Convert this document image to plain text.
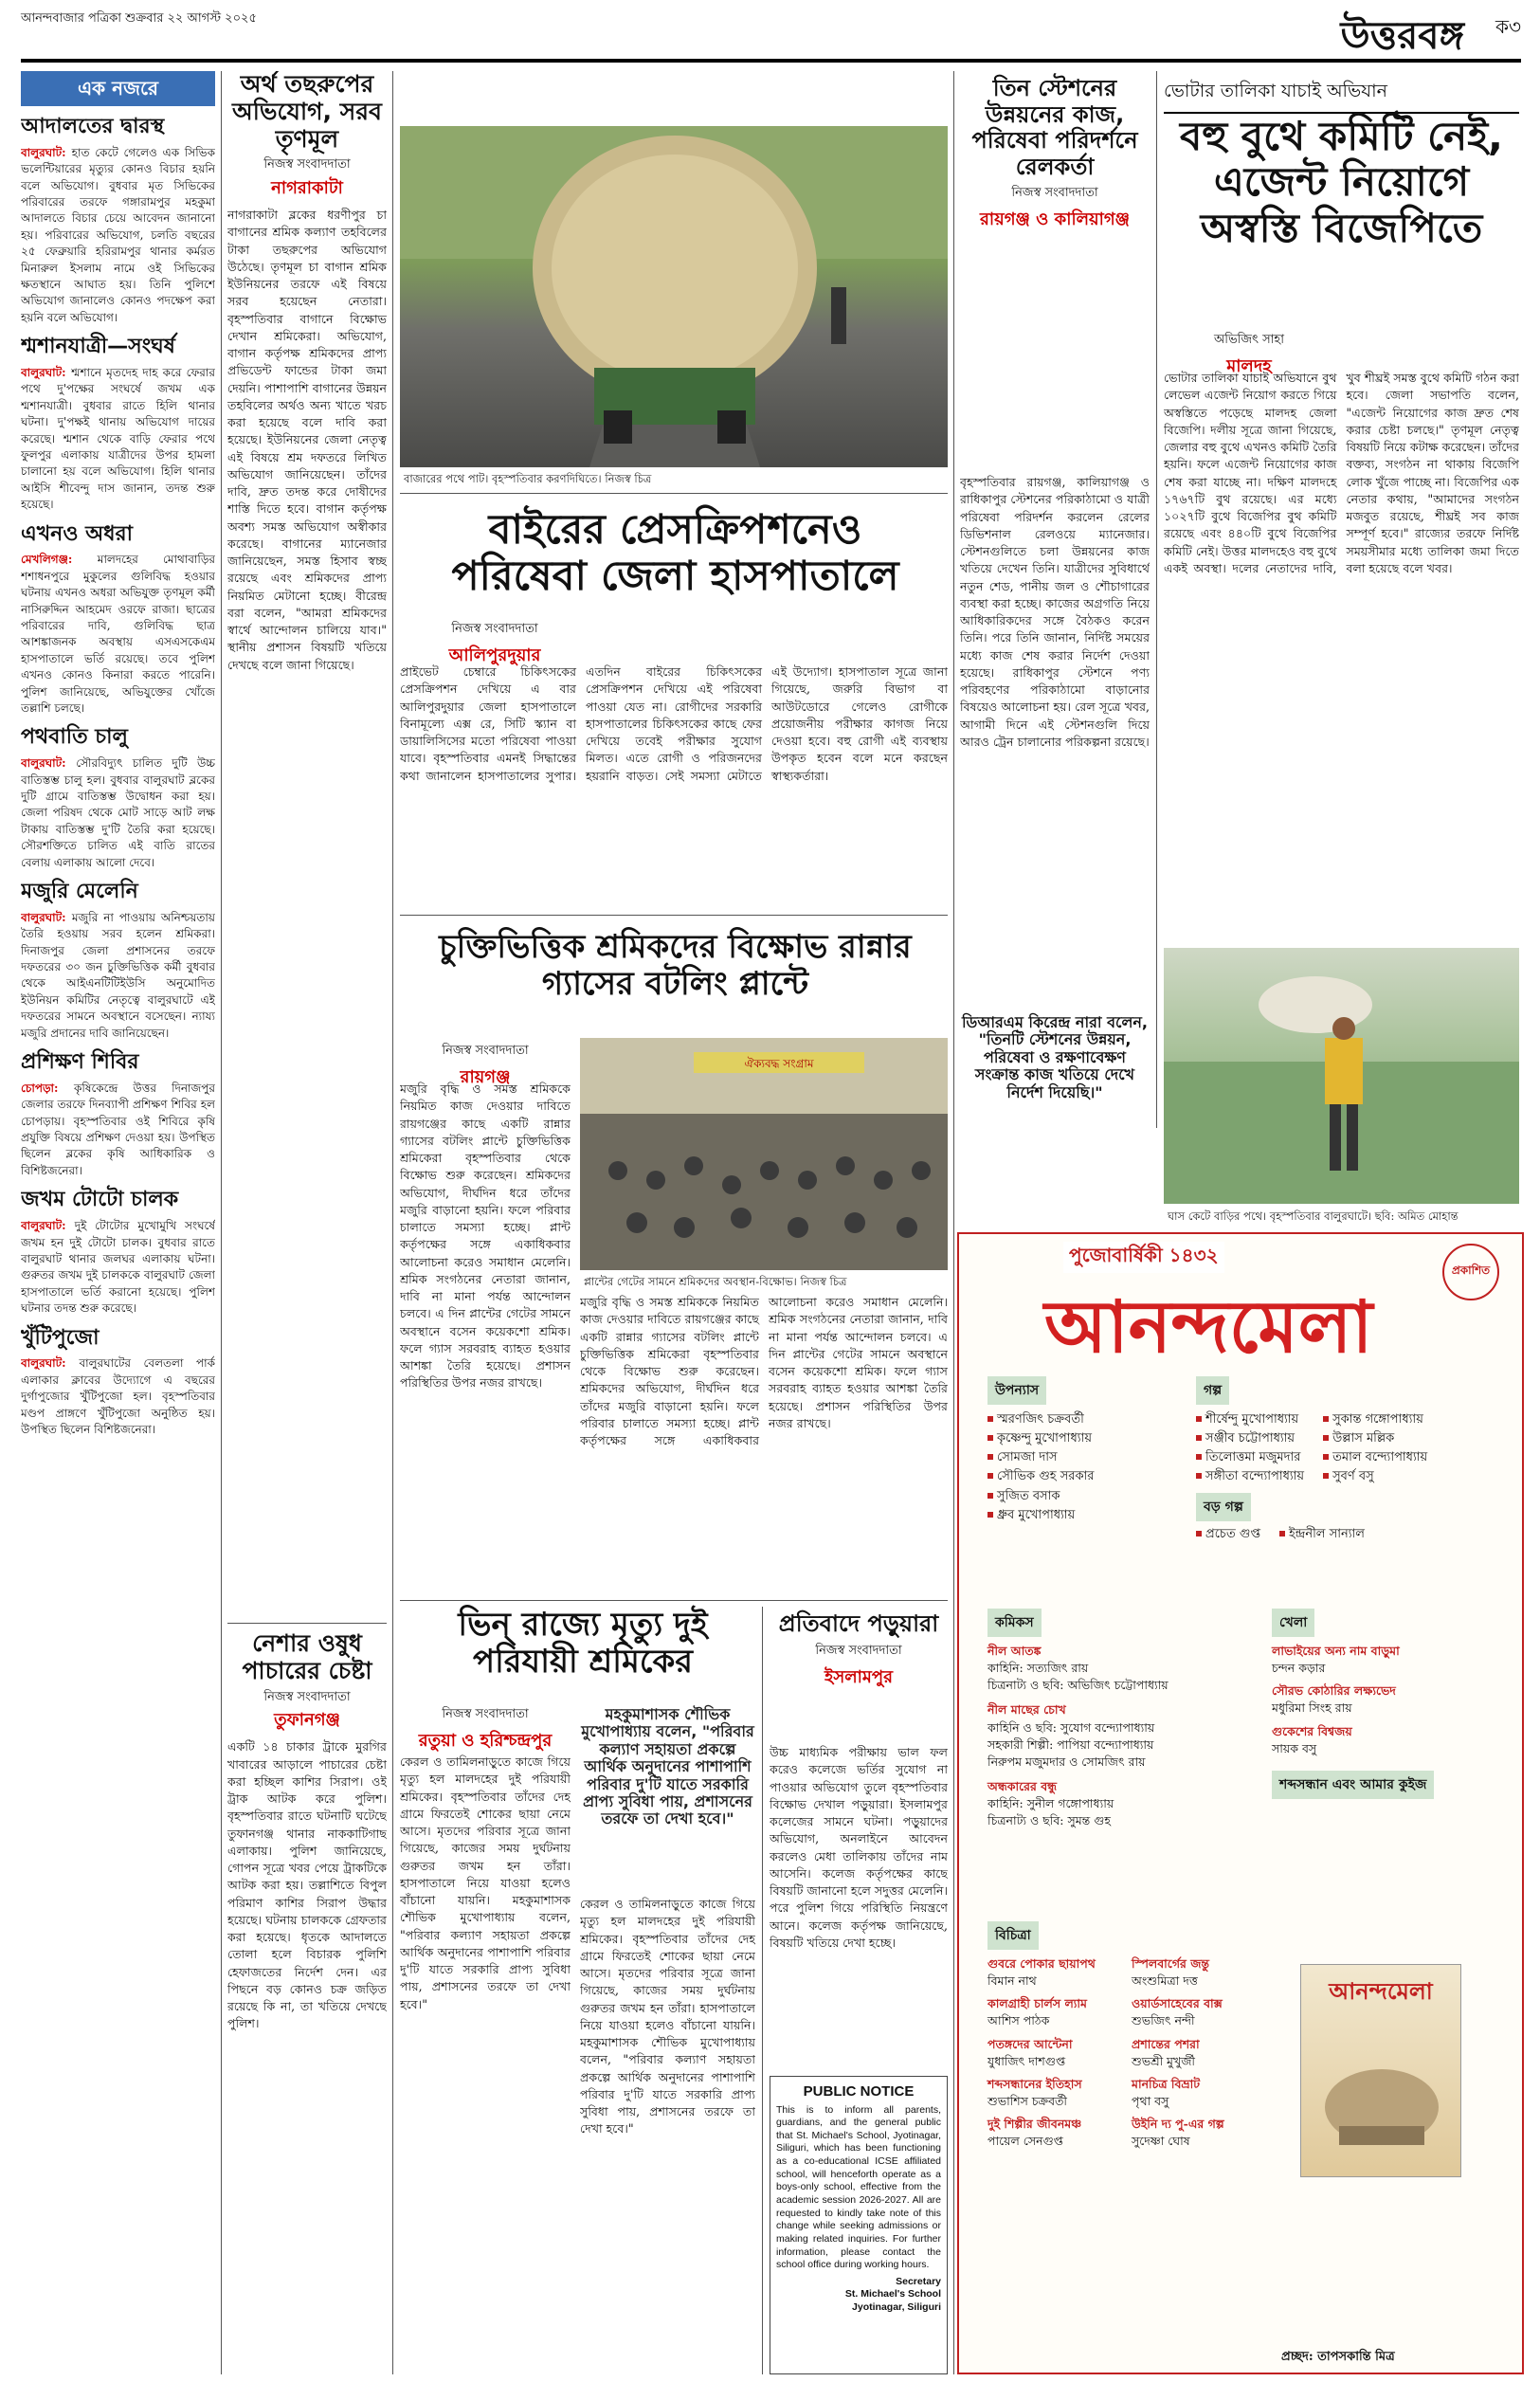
আনন্দবাজার পত্রিকা শুক্রবার ২২ আগস্ট ২০২৫	উত্তরবঙ্গ ক৩
এক নজরে
আদালতের দ্বারস্থ
বালুরঘাট: হাত কেটে গেলেও এক সিভিক ভলেন্টিয়ারের মৃত্যুর কোনও বিচার হয়নি বলে অভিযোগ। বুধবার মৃত সিভিকের পরিবারের তরফে গঙ্গারামপুর মহকুমা আদালতে বিচার চেয়ে আবেদন জানানো হয়। পরিবারের অভিযোগ, চলতি বছরের ২৫ ফেব্রুয়ারি হরিরামপুর থানার কর্মরত মিনারুল ইসলাম নামে ওই সিভিকের ক্ষতস্থানে আঘাত হয়। তিনি পুলিশে অভিযোগ জানালেও কোনও পদক্ষেপ করা হয়নি বলে অভিযোগ।
শ্মশানযাত্রী—সংঘর্ষ
বালুরঘাট: শ্মশানে মৃতদেহ দাহ করে ফেরার পথে দু'পক্ষের সংঘর্ষে জখম এক শ্মশানযাত্রী। বুধবার রাতে হিলি থানার ঘটনা। দু'পক্ষই থানায় অভিযোগ দায়ের করেছে। শ্মশান থেকে বাড়ি ফেরার পথে ফুলপুর এলাকায় যাত্রীদের উপর হামলা চালানো হয় বলে অভিযোগ। হিলি থানার আইসি শীবেন্দু দাস জানান, তদন্ত শুরু হয়েছে।
এখনও অধরা
মেখলিগঞ্জ: মালদহের মোথাবাড়ির শশাধনপুরে মুকুলের গুলিবিদ্ধ হওয়ার ঘটনায় এখনও অধরা অভিযুক্ত তৃণমূল কর্মী নাসিরুদ্দিন আহমেদ ওরফে রাজা। ছাত্রের পরিবারের দাবি, গুলিবিদ্ধ ছাত্র আশঙ্কাজনক অবস্থায় এসএসকেএম হাসপাতালে ভর্তি রয়েছে। তবে পুলিশ এখনও কোনও কিনারা করতে পারেনি। পুলিশ জানিয়েছে, অভিযুক্তের খোঁজে তল্লাশি চলছে।
পথবাতি চালু
বালুরঘাট: সৌরবিদ্যুৎ চালিত দুটি উচ্চ বাতিস্তম্ভ চালু হল। বুধবার বালুরঘাট ব্লকের দুটি গ্রামে বাতিস্তম্ভ উদ্বোধন করা হয়। জেলা পরিষদ থেকে মোট সাড়ে আট লক্ষ টাকায় বাতিস্তম্ভ দু'টি তৈরি করা হয়েছে। সৌরশক্তিতে চালিত এই বাতি রাতের বেলায় এলাকায় আলো দেবে।
মজুরি মেলেনি
বালুরঘাট: মজুরি না পাওয়ায় অনিশ্চয়তায় তৈরি হওয়ায় সরব হলেন শ্রমিকরা। দিনাজপুর জেলা প্রশাসনের তরফে দফতরের ৩০ জন চুক্তিভিত্তিক কর্মী বুধবার থেকে আইএনটিটিইউসি অনুমোদিত ইউনিয়ন কমিটির নেতৃত্বে বালুরঘাটে এই দফতরের সামনে অবস্থানে বসেছেন। ন্যায্য মজুরি প্রদানের দাবি জানিয়েছেন।
প্রশিক্ষণ শিবির
চোপড়া: কৃষিকেন্দ্রে উত্তর দিনাজপুর জেলার তরফে দিনব্যাপী প্রশিক্ষণ শিবির হল চোপড়ায়। বৃহস্পতিবার ওই শিবিরে কৃষি প্রযুক্তি বিষয়ে প্রশিক্ষণ দেওয়া হয়। উপস্থিত ছিলেন ব্লকের কৃষি আধিকারিক ও বিশিষ্টজনেরা।
জখম টোটো চালক
বালুরঘাট: দুই টোটোর মুখোমুখি সংঘর্ষে জখম হন দুই টোটো চালক। বুধবার রাতে বালুরঘাট থানার জলঘর এলাকায় ঘটনা। গুরুতর জখম দুই চালককে বালুরঘাট জেলা হাসপাতালে ভর্তি করানো হয়েছে। পুলিশ ঘটনার তদন্ত শুরু করেছে।
খুঁটিপুজো
বালুরঘাট: বালুরঘাটের বেলতলা পার্ক এলাকার ক্লাবের উদ্যোগে এ বছরের দুর্গাপুজোর খুঁটিপুজো হল। বৃহস্পতিবার মণ্ডপ প্রাঙ্গণে খুঁটিপুজো অনুষ্ঠিত হয়। উপস্থিত ছিলেন বিশিষ্টজনেরা।
অর্থ তছরুপের অভিযোগ, সরব তৃণমূল
নিজস্ব সংবাদদাতা
নাগরাকাটা
নাগরাকাটা ব্লকের ধরণীপুর চা বাগানের শ্রমিক কল্যাণ তহবিলের টাকা তছরুপের অভিযোগ উঠেছে। তৃণমূল চা বাগান শ্রমিক ইউনিয়নের তরফে এই বিষয়ে সরব হয়েছেন নেতারা। বৃহস্পতিবার বাগানে বিক্ষোভ দেখান শ্রমিকেরা। অভিযোগ, বাগান কর্তৃপক্ষ শ্রমিকদের প্রাপ্য প্রভিডেন্ট ফান্ডের টাকা জমা দেয়নি। পাশাপাশি বাগানের উন্নয়ন তহবিলের অর্থও অন্য খাতে খরচ করা হয়েছে বলে দাবি করা হয়েছে। ইউনিয়নের জেলা নেতৃত্ব এই বিষয়ে শ্রম দফতরে লিখিত অভিযোগ জানিয়েছেন। তাঁদের দাবি, দ্রুত তদন্ত করে দোষীদের শাস্তি দিতে হবে। বাগান কর্তৃপক্ষ অবশ্য সমস্ত অভিযোগ অস্বীকার করেছে। বাগানের ম্যানেজার জানিয়েছেন, সমস্ত হিসাব স্বচ্ছ রয়েছে এবং শ্রমিকদের প্রাপ্য নিয়মিত মেটানো হচ্ছে। বীরেন্দ্র বরা বলেন, "আমরা শ্রমিকদের স্বার্থে আন্দোলন চালিয়ে যাব।" স্থানীয় প্রশাসন বিষয়টি খতিয়ে দেখছে বলে জানা গিয়েছে।
নেশার ওষুধ পাচারের চেষ্টা
নিজস্ব সংবাদদাতা
তুফানগঞ্জ
একটি ১৪ চাকার ট্রাকে মুরগির খাবারের আড়ালে পাচারের চেষ্টা করা হচ্ছিল কাশির সিরাপ। ওই ট্রাক আটক করে পুলিশ। বৃহস্পতিবার রাতে ঘটনাটি ঘটেছে তুফানগঞ্জ থানার নাককাটিগাছ এলাকায়। পুলিশ জানিয়েছে, গোপন সূত্রে খবর পেয়ে ট্রাকটিকে আটক করা হয়। তল্লাশিতে বিপুল পরিমাণ কাশির সিরাপ উদ্ধার হয়েছে। ঘটনায় চালককে গ্রেফতার করা হয়েছে। ধৃতকে আদালতে তোলা হলে বিচারক পুলিশি হেফাজতের নির্দেশ দেন। এর পিছনে বড় কোনও চক্র জড়িত রয়েছে কি না, তা খতিয়ে দেখছে পুলিশ।
বাজারের পথে পাট। বৃহস্পতিবার করণদিঘিতে। নিজস্ব চিত্র
বাইরের প্রেসক্রিপশনেও পরিষেবা জেলা হাসপাতালে
নিজস্ব সংবাদদাতা
আলিপুরদুয়ার
প্রাইভেট চেম্বারে চিকিৎসকের প্রেসক্রিপশন দেখিয়ে এ বার আলিপুরদুয়ার জেলা হাসপাতালে বিনামূল্যে এক্স রে, সিটি স্ক্যান বা ডায়ালিসিসের মতো পরিষেবা পাওয়া যাবে। বৃহস্পতিবার এমনই সিদ্ধান্তের কথা জানালেন হাসপাতালের সুপার। এতদিন বাইরের চিকিৎসকের প্রেসক্রিপশন দেখিয়ে এই পরিষেবা পাওয়া যেত না। রোগীদের সরকারি হাসপাতালের চিকিৎসকের কাছে ফের দেখিয়ে তবেই পরীক্ষার সুযোগ মিলত। এতে রোগী ও পরিজনদের হয়রানি বাড়ত। সেই সমস্যা মেটাতে এই উদ্যোগ। হাসপাতাল সূত্রে জানা গিয়েছে, জরুরি বিভাগ বা আউটডোরে গেলেও রোগীকে প্রয়োজনীয় পরীক্ষার কাগজ নিয়ে দেওয়া হবে। বহু রোগী এই ব্যবস্থায় উপকৃত হবেন বলে মনে করছেন স্বাস্থ্যকর্তারা।
চুক্তিভিত্তিক শ্রমিকদের বিক্ষোভ রান্নার গ্যাসের বটলিং প্লান্টে
নিজস্ব সংবাদদাতা
রায়গঞ্জ
মজুরি বৃদ্ধি ও সমস্ত শ্রমিককে নিয়মিত কাজ দেওয়ার দাবিতে রায়গঞ্জের কাছে একটি রান্নার গ্যাসের বটলিং প্লান্টে চুক্তিভিত্তিক শ্রমিকেরা বৃহস্পতিবার থেকে বিক্ষোভ শুরু করেছেন। শ্রমিকদের অভিযোগ, দীর্ঘদিন ধরে তাঁদের মজুরি বাড়ানো হয়নি। ফলে পরিবার চালাতে সমস্যা হচ্ছে। প্লান্ট কর্তৃপক্ষের সঙ্গে একাধিকবার আলোচনা করেও সমাধান মেলেনি। শ্রমিক সংগঠনের নেতারা জানান, দাবি না মানা পর্যন্ত আন্দোলন চলবে। এ দিন প্লান্টের গেটের সামনে অবস্থানে বসেন কয়েকশো শ্রমিক। ফলে গ্যাস সরবরাহ ব্যাহত হওয়ার আশঙ্কা তৈরি হয়েছে। প্রশাসন পরিস্থিতির উপর নজর রাখছে।
ঐক্যবদ্ধ সংগ্রাম
প্লান্টের গেটের সামনে শ্রমিকদের অবস্থান-বিক্ষোভ। নিজস্ব চিত্র
মজুরি বৃদ্ধি ও সমস্ত শ্রমিককে নিয়মিত কাজ দেওয়ার দাবিতে রায়গঞ্জের কাছে একটি রান্নার গ্যাসের বটলিং প্লান্টে চুক্তিভিত্তিক শ্রমিকেরা বৃহস্পতিবার থেকে বিক্ষোভ শুরু করেছেন। শ্রমিকদের অভিযোগ, দীর্ঘদিন ধরে তাঁদের মজুরি বাড়ানো হয়নি। ফলে পরিবার চালাতে সমস্যা হচ্ছে। প্লান্ট কর্তৃপক্ষের সঙ্গে একাধিকবার আলোচনা করেও সমাধান মেলেনি। শ্রমিক সংগঠনের নেতারা জানান, দাবি না মানা পর্যন্ত আন্দোলন চলবে। এ দিন প্লান্টের গেটের সামনে অবস্থানে বসেন কয়েকশো শ্রমিক। ফলে গ্যাস সরবরাহ ব্যাহত হওয়ার আশঙ্কা তৈরি হয়েছে। প্রশাসন পরিস্থিতির উপর নজর রাখছে।
ভিন্ রাজ্যে মৃত্যু দুই পরিযায়ী শ্রমিকের
নিজস্ব সংবাদদাতা
রতুয়া ও হরিশ্চন্দ্রপুর
কেরল ও তামিলনাড়ুতে কাজে গিয়ে মৃত্যু হল মালদহের দুই পরিযায়ী শ্রমিকের। বৃহস্পতিবার তাঁদের দেহ গ্রামে ফিরতেই শোকের ছায়া নেমে আসে। মৃতদের পরিবার সূত্রে জানা গিয়েছে, কাজের সময় দুর্ঘটনায় গুরুতর জখম হন তাঁরা। হাসপাতালে নিয়ে যাওয়া হলেও বাঁচানো যায়নি। মহকুমাশাসক শৌভিক মুখোপাধ্যায় বলেন, "পরিবার কল্যাণ সহায়তা প্রকল্পে আর্থিক অনুদানের পাশাপাশি পরিবার দু'টি যাতে সরকারি প্রাপ্য সুবিধা পায়, প্রশাসনের তরফে তা দেখা হবে।"
মহকুমাশাসক শৌভিক মুখোপাধ্যায় বলেন, "পরিবার কল্যাণ সহায়তা প্রকল্পে আর্থিক অনুদানের পাশাপাশি পরিবার দু'টি যাতে সরকারি প্রাপ্য সুবিধা পায়, প্রশাসনের তরফে তা দেখা হবে।"
কেরল ও তামিলনাড়ুতে কাজে গিয়ে মৃত্যু হল মালদহের দুই পরিযায়ী শ্রমিকের। বৃহস্পতিবার তাঁদের দেহ গ্রামে ফিরতেই শোকের ছায়া নেমে আসে। মৃতদের পরিবার সূত্রে জানা গিয়েছে, কাজের সময় দুর্ঘটনায় গুরুতর জখম হন তাঁরা। হাসপাতালে নিয়ে যাওয়া হলেও বাঁচানো যায়নি। মহকুমাশাসক শৌভিক মুখোপাধ্যায় বলেন, "পরিবার কল্যাণ সহায়তা প্রকল্পে আর্থিক অনুদানের পাশাপাশি পরিবার দু'টি যাতে সরকারি প্রাপ্য সুবিধা পায়, প্রশাসনের তরফে তা দেখা হবে।"
প্রতিবাদে পড়ুয়ারা
নিজস্ব সংবাদদাতা
ইসলামপুর
উচ্চ মাধ্যমিক পরীক্ষায় ভাল ফল করেও কলেজে ভর্তির সুযোগ না পাওয়ার অভিযোগ তুলে বৃহস্পতিবার বিক্ষোভ দেখাল পড়ুয়ারা। ইসলামপুর কলেজের সামনে ঘটনা। পড়ুয়াদের অভিযোগ, অনলাইনে আবেদন করলেও মেধা তালিকায় তাঁদের নাম আসেনি। কলেজ কর্তৃপক্ষের কাছে বিষয়টি জানানো হলে সদুত্তর মেলেনি। পরে পুলিশ গিয়ে পরিস্থিতি নিয়ন্ত্রণে আনে। কলেজ কর্তৃপক্ষ জানিয়েছে, বিষয়টি খতিয়ে দেখা হচ্ছে।
PUBLIC NOTICE
This is to inform all parents, guardians, and the general public that St. Michael's School, Jyotinagar, Siliguri, which has been functioning as a co-educational ICSE affiliated school, will henceforth operate as a boys-only school, effective from the academic session 2026-2027. All are requested to kindly take note of this change while seeking admissions or making related inquiries. For further information, please contact the school office during working hours.
Secretary
St. Michael's School
Jyotinagar, Siliguri
তিন স্টেশনের উন্নয়নের কাজ, পরিষেবা পরিদর্শনে রেলকর্তা
নিজস্ব সংবাদদাতা
রায়গঞ্জ ও কালিয়াগঞ্জ
বৃহস্পতিবার রায়গঞ্জ, কালিয়াগঞ্জ ও রাধিকাপুর স্টেশনের পরিকাঠামো ও যাত্রী পরিষেবা পরিদর্শন করলেন রেলের ডিভিশনাল রেলওয়ে ম্যানেজার। স্টেশনগুলিতে চলা উন্নয়নের কাজ খতিয়ে দেখেন তিনি। যাত্রীদের সুবিধার্থে নতুন শেড, পানীয় জল ও শৌচাগারের ব্যবস্থা করা হচ্ছে। কাজের অগ্রগতি নিয়ে আধিকারিকদের সঙ্গে বৈঠকও করেন তিনি। পরে তিনি জানান, নির্দিষ্ট সময়ের মধ্যে কাজ শেষ করার নির্দেশ দেওয়া হয়েছে। রাধিকাপুর স্টেশনে পণ্য পরিবহণের পরিকাঠামো বাড়ানোর বিষয়েও আলোচনা হয়। রেল সূত্রে খবর, আগামী দিনে এই স্টেশনগুলি দিয়ে আরও ট্রেন চালানোর পরিকল্পনা রয়েছে।
ডিআরএম কিরেন্দ্র নারা বলেন, "তিনটি স্টেশনের উন্নয়ন, পরিষেবা ও রক্ষণাবেক্ষণ সংক্রান্ত কাজ খতিয়ে দেখে নির্দেশ দিয়েছি।"
ভোটার তালিকা যাচাই অভিযান
বহু বুথে কমিটি নেই, এজেন্ট নিয়োগে অস্বস্তি বিজেপিতে
অভিজিৎ সাহা
মালদহ
ভোটার তালিকা যাচাই অভিযানে বুথ লেভেল এজেন্ট নিয়োগ করতে গিয়ে অস্বস্তিতে পড়েছে মালদহ জেলা বিজেপি। দলীয় সূত্রে জানা গিয়েছে, জেলার বহু বুথে এখনও কমিটি তৈরি হয়নি। ফলে এজেন্ট নিয়োগের কাজ শেষ করা যাচ্ছে না। দক্ষিণ মালদহে ১৭৬৭টি বুথ রয়েছে। এর মধ্যে ১০২৭টি বুথে বিজেপির বুথ কমিটি রয়েছে এবং ৪৪০টি বুথে বিজেপির কমিটি নেই। উত্তর মালদহেও বহু বুথে একই অবস্থা। দলের নেতাদের দাবি, খুব শীঘ্রই সমস্ত বুথে কমিটি গঠন করা হবে। জেলা সভাপতি বলেন, "এজেন্ট নিয়োগের কাজ দ্রুত শেষ করার চেষ্টা চলছে।" তৃণমূল নেতৃত্ব বিষয়টি নিয়ে কটাক্ষ করেছেন। তাঁদের বক্তব্য, সংগঠন না থাকায় বিজেপি লোক খুঁজে পাচ্ছে না। বিজেপির এক নেতার কথায়, "আমাদের সংগঠন মজবুত রয়েছে, শীঘ্রই সব কাজ সম্পূর্ণ হবে।" রাজ্যের তরফে নির্দিষ্ট সময়সীমার মধ্যে তালিকা জমা দিতে বলা হয়েছে বলে খবর।
ঘাস কেটে বাড়ির পথে। বৃহস্পতিবার বালুরঘাটে। ছবি: অমিত মোহান্ত
পুজোবার্ষিকী ১৪৩২
প্রকাশিত
আনন্দমেলা
উপন্যাস
স্মরণজিৎ চক্রবর্তী
কৃষ্ণেন্দু মুখোপাধ্যায়
সোমজা দাস
সৌভিক গুহ সরকার
সুজিত বসাক
ধ্রুব মুখোপাধ্যায়
গল্প
শীর্ষেন্দু মুখোপাধ্যায়
সঞ্জীব চট্টোপাধ্যায়
তিলোত্তমা মজুমদার
সঙ্গীতা বন্দ্যোপাধ্যায়
সুকান্ত গঙ্গোপাধ্যায়
উল্লাস মল্লিক
তমাল বন্দ্যোপাধ্যায়
সুবর্ণ বসু
বড় গল্প
প্রচেত গুপ্ত	ইন্দ্রনীল সান্যাল
কমিকস
নীল আতঙ্ক
কাহিনি: সত্যজিৎ রায়
চিত্রনাট্য ও ছবি: অভিজিৎ চট্টোপাধ্যায়
নীল মাছের চোখ
কাহিনি ও ছবি: সুযোগ বন্দ্যোপাধ্যায়
সহকারী শিল্পী: পাপিয়া বন্দ্যোপাধ্যায়
নিরুপম মজুমদার ও সোমজিৎ রায়
অন্ধকারের বন্ধু
কাহিনি: সুনীল গঙ্গোপাধ্যায়
চিত্রনাট্য ও ছবি: সুমন্ত গুহ
খেলা
লাভাইয়ের অন্য নাম বাড়ুমা
চন্দন কড়ার
সৌরভ কোঠারির লক্ষ্যভেদ
মধুরিমা সিংহ রায়
গুকেশের বিশ্বজয়
সায়ক বসু
শব্দসন্ধান এবং আমার কুইজ
বিচিত্রা
গুবরে পোকার ছায়াপথ
বিমান নাথ
কালগ্রাহী চার্লস ল্যাম
আশিস পাঠক
পতঙ্গদের আন্টেনা
যুধাজিৎ দাশগুপ্ত
শব্দসন্ধানের ইতিহাস
শুভাশিস চক্রবর্তী
দুই শিল্পীর জীবনমঞ্চ
পায়েল সেনগুপ্ত
স্পিলবার্গের জন্তু
অংশুমিত্রা দত্ত
ওয়ার্ডসাহেবের বাক্স
শুভজিৎ নন্দী
প্রশান্তের পশরা
শুভশ্রী মুখুর্জী
মানচিত্র বিভ্রাট
পৃথা বসু
উইনি দ্য পু-এর গল্প
সুদেষ্ণা ঘোষ
আনন্দমেলা
প্রচ্ছদ: তাপসকান্তি মিত্র
